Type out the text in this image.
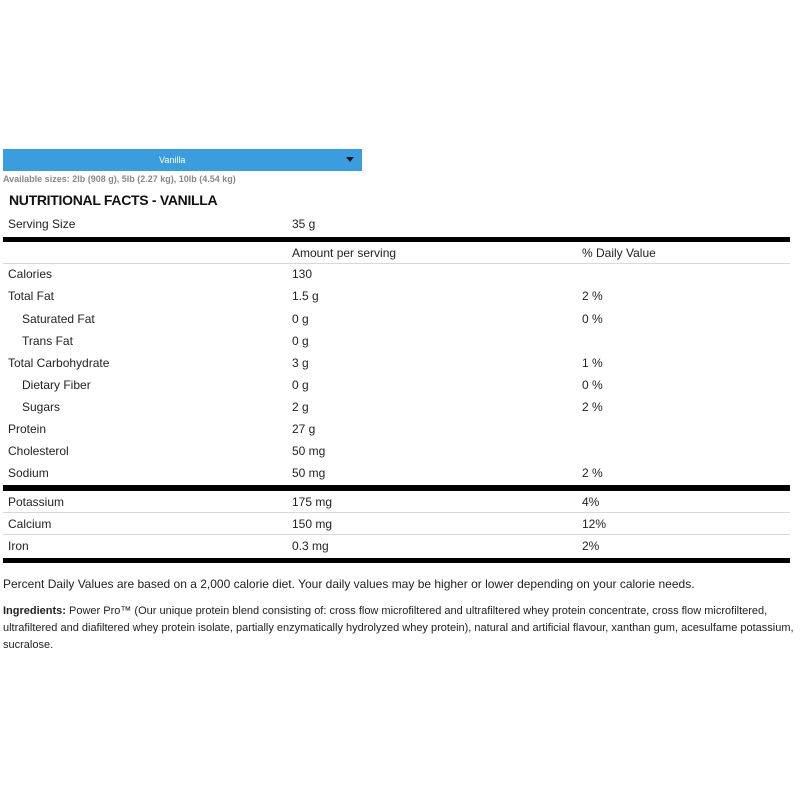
Vanilla
Available sizes: 2lb (908 g), 5lb (2.27 kg), 10lb (4.54 kg)
NUTRITIONAL FACTS - VANILLA
Serving Size	35 g
Amount per serving	% Daily Value
Calories	130
Total Fat	1.5 g	2 %
Saturated Fat	0 g	0 %
Trans Fat	0 g
Total Carbohydrate	3 g	1 %
Dietary Fiber	0 g	0 %
Sugars	2 g	2 %
Protein	27 g
Cholesterol	50 mg
Sodium	50 mg	2 %
Potassium	175 mg	4%
Calcium	150 mg	12%
Iron	0.3 mg	2%
Percent Daily Values are based on a 2,000 calorie diet. Your daily values may be higher or lower depending on your calorie needs.
Ingredients: Power Pro™ (Our unique protein blend consisting of: cross flow microfiltered and ultrafiltered whey protein concentrate, cross flow microfiltered, ultrafiltered and diafiltered whey protein isolate, partially enzymatically hydrolyzed whey protein), natural and artificial flavour, xanthan gum, acesulfame potassium, sucralose.
